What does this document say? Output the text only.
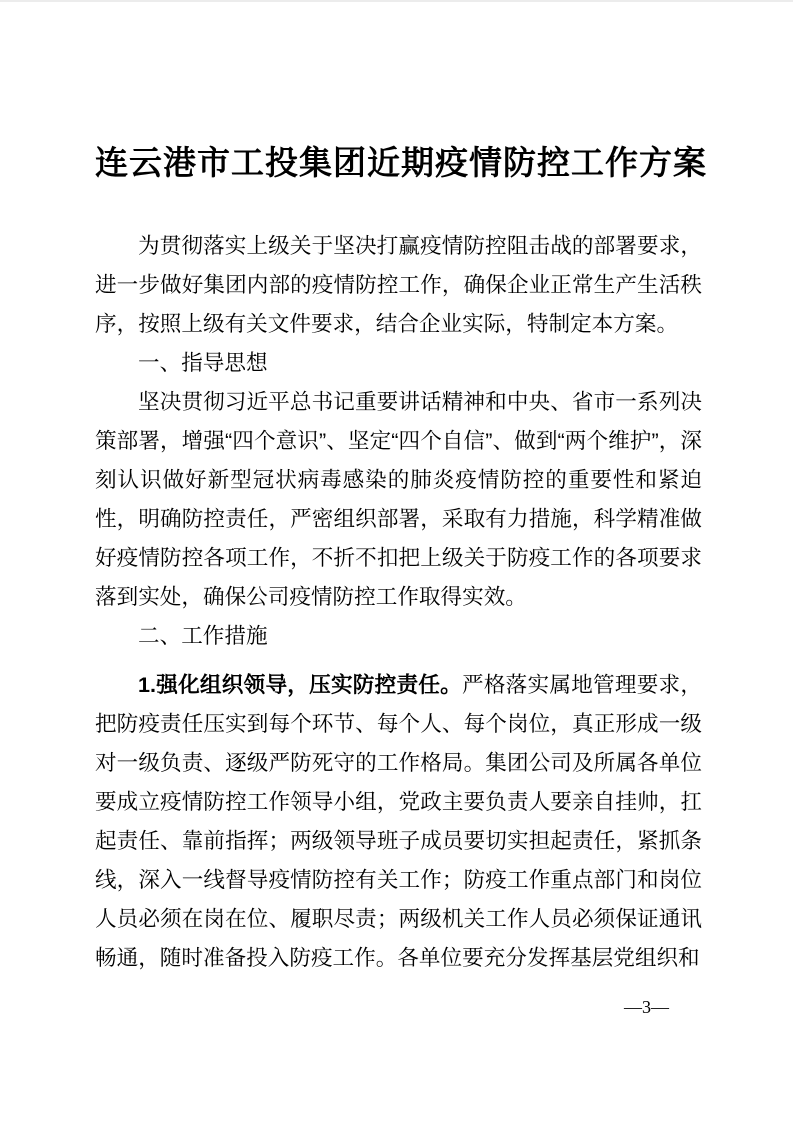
连云港市工投集团近期疫情防控工作方案

为贯彻落实上级关于坚决打赢疫情防控阻击战的部署要求，进一步做好集团内部的疫情防控工作，确保企业正常生产生活秩序，按照上级有关文件要求，结合企业实际，特制定本方案。

一、指导思想

坚决贯彻习近平总书记重要讲话精神和中央、省市一系列决策部署，增强“四个意识”、坚定“四个自信”、做到“两个维护”，深刻认识做好新型冠状病毒感染的肺炎疫情防控的重要性和紧迫性，明确防控责任，严密组织部署，采取有力措施，科学精准做好疫情防控各项工作，不折不扣把上级关于防疫工作的各项要求落到实处，确保公司疫情防控工作取得实效。

二、工作措施

1.强化组织领导，压实防控责任。严格落实属地管理要求，把防疫责任压实到每个环节、每个人、每个岗位，真正形成一级对一级负责、逐级严防死守的工作格局。集团公司及所属各单位要成立疫情防控工作领导小组，党政主要负责人要亲自挂帅，扛起责任、靠前指挥；两级领导班子成员要切实担起责任，紧抓条线，深入一线督导疫情防控有关工作；防疫工作重点部门和岗位人员必须在岗在位、履职尽责；两级机关工作人员必须保证通讯畅通，随时准备投入防疫工作。各单位要充分发挥基层党组织和

—3—
